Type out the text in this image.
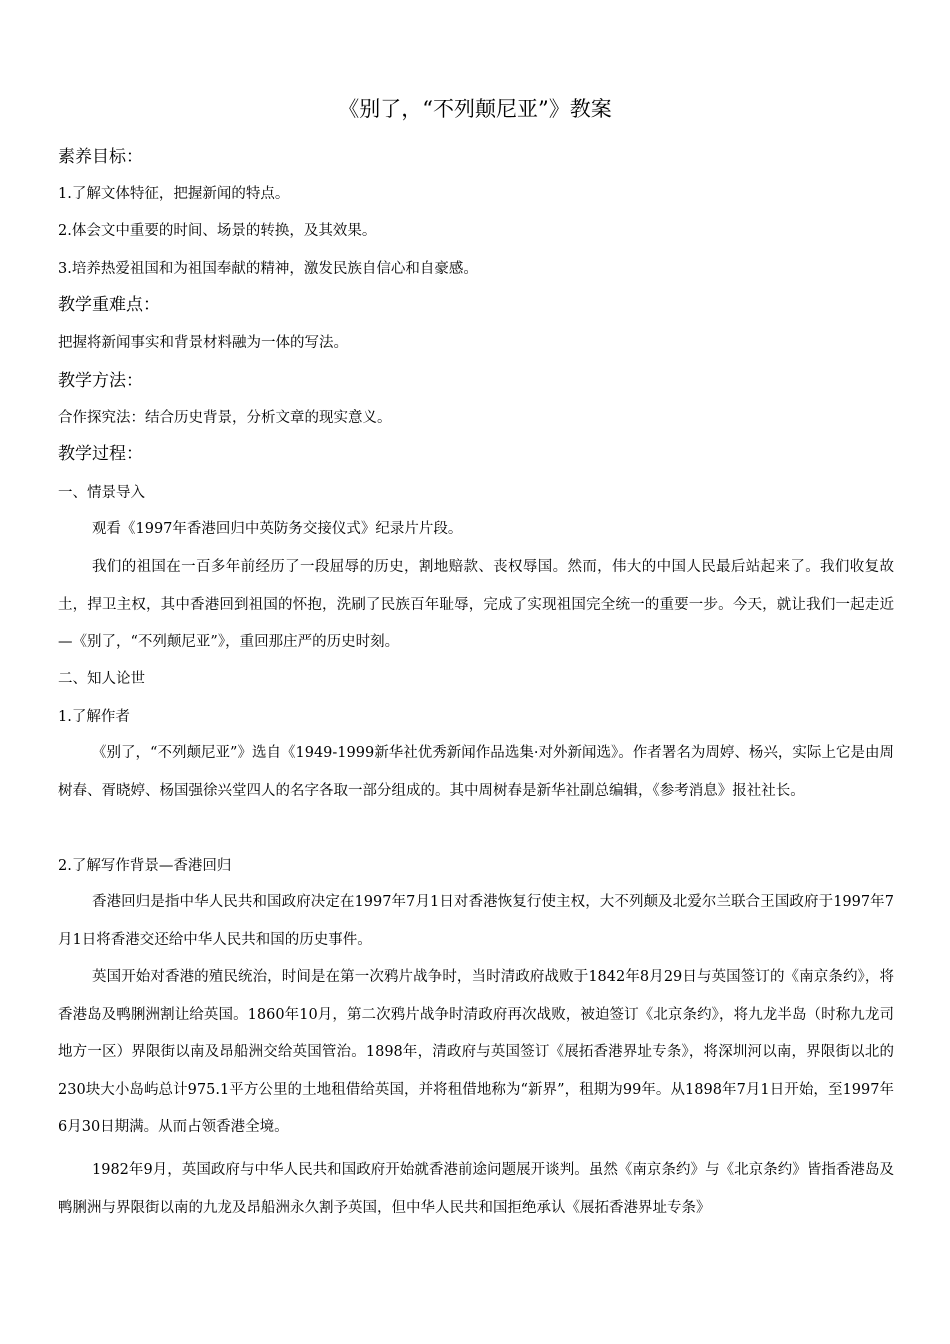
《别了，“不列颠尼亚”》教案
素养目标：
1.了解文体特征，把握新闻的特点。
2.体会文中重要的时间、场景的转换，及其效果。
3.培养热爱祖国和为祖国奉献的精神，激发民族自信心和自豪感。
教学重难点：
把握将新闻事实和背景材料融为一体的写法。
教学方法：
合作探究法：结合历史背景，分析文章的现实意义。
教学过程：
一、情景导入
观看《1997年香港回归中英防务交接仪式》纪录片片段。
我们的祖国在一百多年前经历了一段屈辱的历史，割地赔款、丧权辱国。然而，伟大的中国人民最后站起来了。我们收复故土，捍卫主权，其中香港回到祖国的怀抱，洗刷了民族百年耻辱，完成了实现祖国完全统一的重要一步。今天，就让我们一起走近—《别了，“不列颠尼亚”》，重回那庄严的历史时刻。
二、知人论世
1.了解作者
《别了，“不列颠尼亚”》选自《1949-1999新华社优秀新闻作品选集·对外新闻选》。作者署名为周婷、杨兴，实际上它是由周树春、胥晓婷、杨国强徐兴堂四人的名字各取一部分组成的。其中周树春是新华社副总编辑，《参考消息》报社社长。
2.了解写作背景—香港回归
香港回归是指中华人民共和国政府决定在1997年7月1日对香港恢复行使主权，大不列颠及北爱尔兰联合王国政府于1997年7月1日将香港交还给中华人民共和国的历史事件。
英国开始对香港的殖民统治，时间是在第一次鸦片战争时，当时清政府战败于1842年8月29日与英国签订的《南京条约》，将香港岛及鸭脷洲割让给英国。1860年10月，第二次鸦片战争时清政府再次战败，被迫签订《北京条约》，将九龙半岛（时称九龙司地方一区）界限街以南及昂船洲交给英国管治。1898年，清政府与英国签订《展拓香港界址专条》，将深圳河以南，界限街以北的230块大小岛屿总计975.1平方公里的土地租借给英国，并将租借地称为“新界”，租期为99年。从1898年7月1日开始，至1997年6月30日期满。从而占领香港全境。
1982年9月，英国政府与中华人民共和国政府开始就香港前途问题展开谈判。虽然《南京条约》与《北京条约》皆指香港岛及鸭脷洲与界限街以南的九龙及昂船洲永久割予英国，但中华人民共和国拒绝承认《展拓香港界址专条》
